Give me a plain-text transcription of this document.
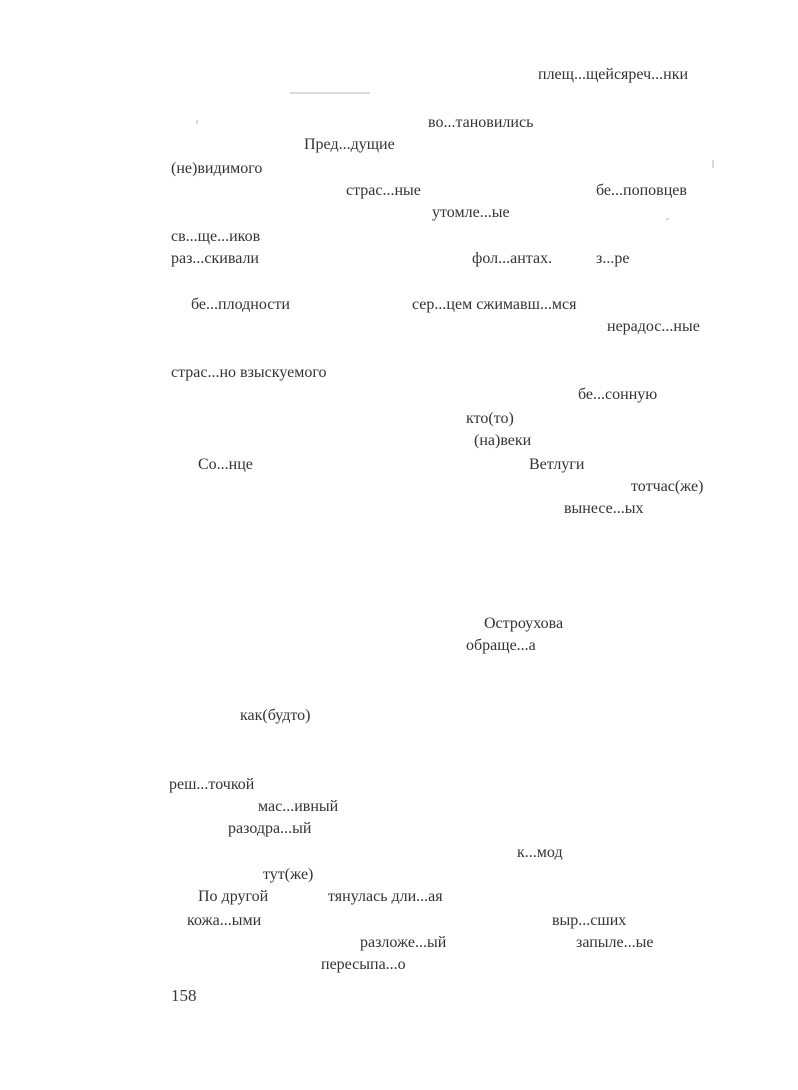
плещ...щейсяреч...нки
во...тановились
Пред...дущие
(не)видимого
страс...ные	бе...поповцев
утомле...ые
св...ще...иков
раз...скивали	фол...антах.	з...ре
бе...плодности	сер...цем сжимавш...мся
нерадос...ные
страс...но взыскуемого
бе...сонную
кто(то)
(на)веки
Со...нце	Ветлуги
тотчас(же)
вынесе...ых
Остроухова
обраще...а
как(будто)
реш...точкой
мас...ивный
разодра...ый
к...мод
тут(же)
По другой	тянулась дли...ая
кожа...ыми	выр...сших
разложе...ый	запыле...ые
пересыпа...о
158
